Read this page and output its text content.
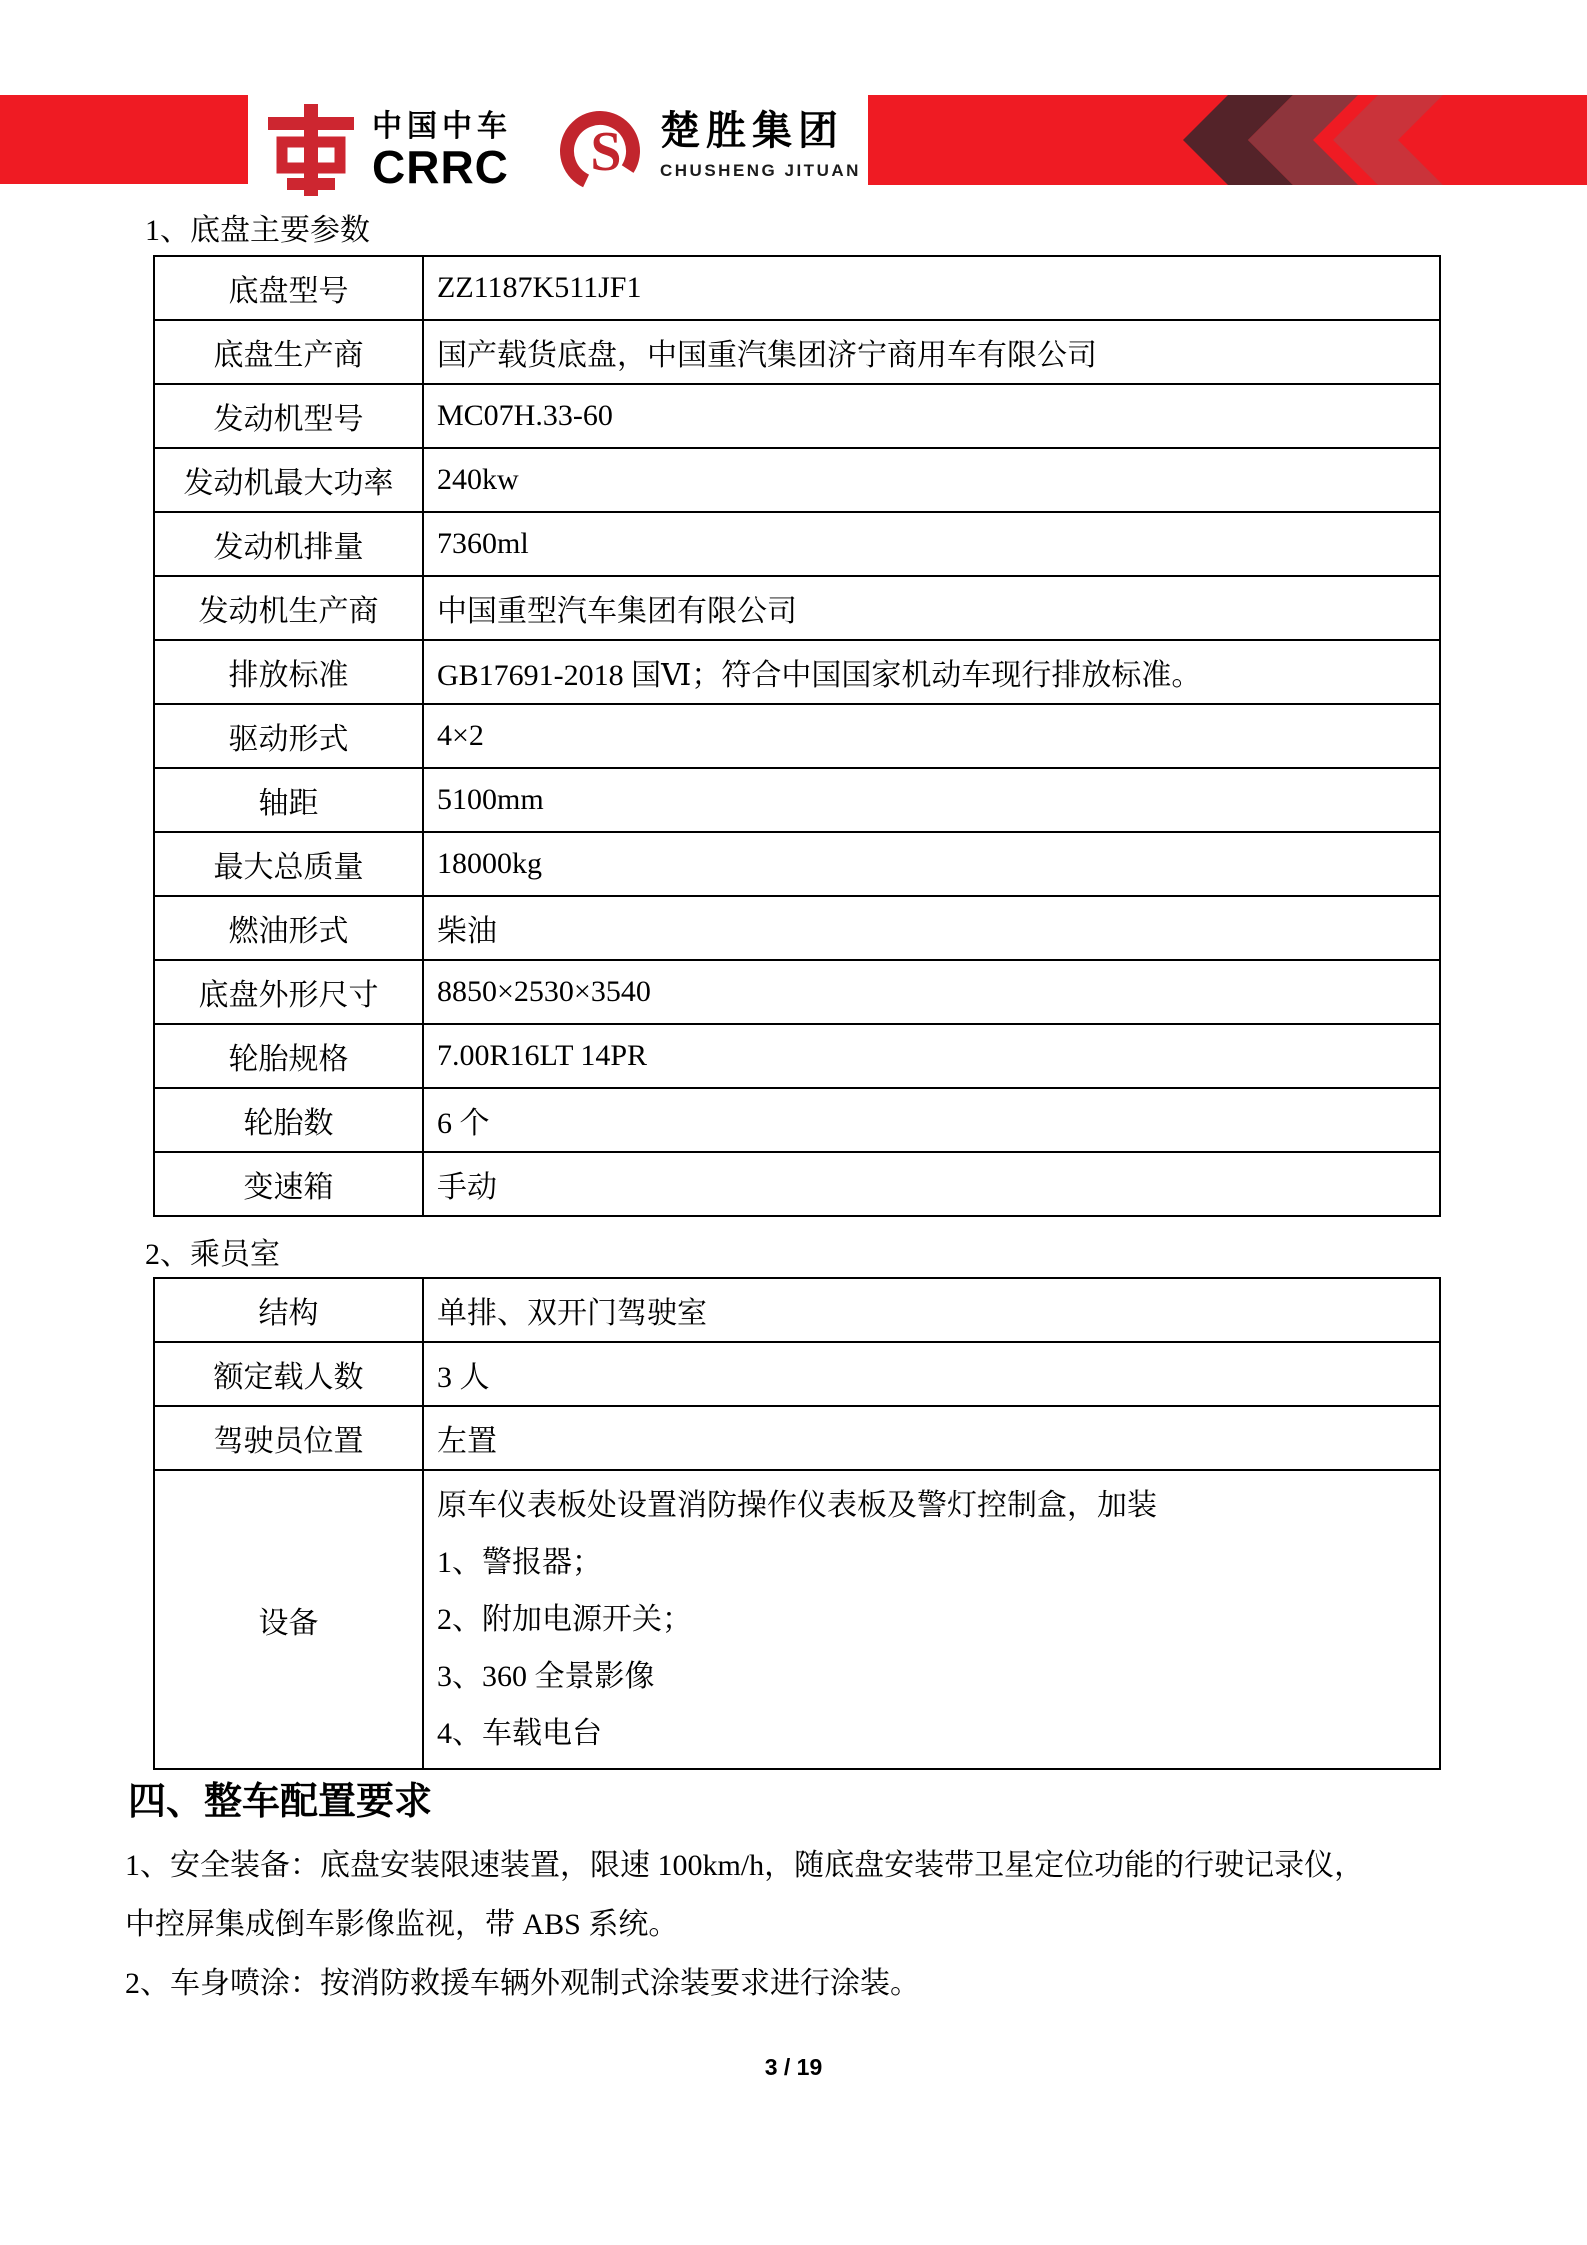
中国中车
CRRC	S 楚胜集团
CHUSHENG JITUAN
1、底盘主要参数
底盘型号	ZZ1187K511JF1
底盘生产商	国产载货底盘，中国重汽集团济宁商用车有限公司
发动机型号	MC07H.33-60
发动机最大功率	240kw
发动机排量	7360ml
发动机生产商	中国重型汽车集团有限公司
排放标准	GB17691-2018 国Ⅵ；符合中国国家机动车现行排放标准。
驱动形式	4×2
轴距	5100mm
最大总质量	18000kg
燃油形式	柴油
底盘外形尺寸	8850×2530×3540
轮胎规格	7.00R16LT 14PR
轮胎数	6 个
变速箱	手动
2、乘员室
结构	单排、双开门驾驶室
额定载人数	3 人
驾驶员位置	左置
设备	原车仪表板处设置消防操作仪表板及警灯控制盒，加装
1、警报器；
2、附加电源开关；
3、360 全景影像
4、车载电台
四、整车配置要求

1、安全装备：底盘安装限速装置，限速 100km/h，随底盘安装带卫星定位功能的行驶记录仪，

中控屏集成倒车影像监视，带 ABS 系统。

2、车身喷涂：按消防救援车辆外观制式涂装要求进行涂装。

3 / 19
